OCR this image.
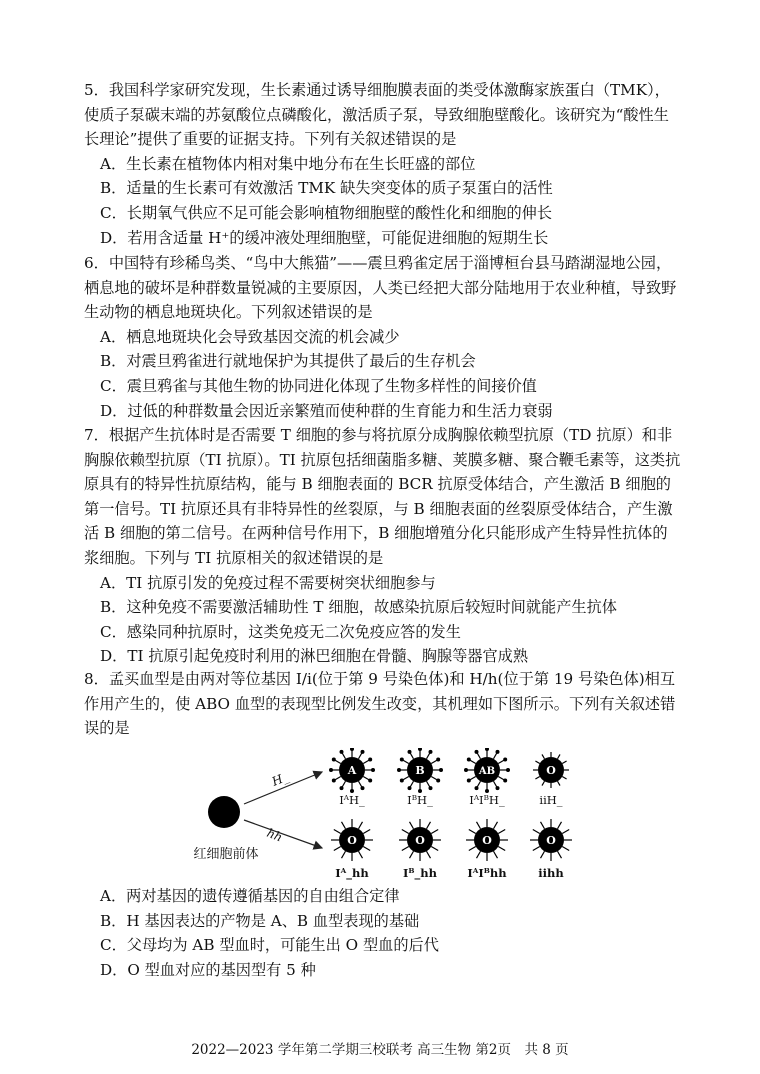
5．我国科学家研究发现，生长素通过诱导细胞膜表面的类受体激酶家族蛋白（TMK），使质子泵碳末端的苏氨酸位点磷酸化，激活质子泵，导致细胞壁酸化。该研究为“酸性生长理论”提供了重要的证据支持。下列有关叙述错误的是

A．生长素在植物体内相对集中地分布在生长旺盛的部位

B．适量的生长素可有效激活 TMK 缺失突变体的质子泵蛋白的活性

C．长期氧气供应不足可能会影响植物细胞壁的酸性化和细胞的伸长

D．若用含适量 H⁺的缓冲液处理细胞壁，可能促进细胞的短期生长

6．中国特有珍稀鸟类、“鸟中大熊猫”——震旦鸦雀定居于淄博桓台县马踏湖湿地公园，栖息地的破坏是种群数量锐减的主要原因，人类已经把大部分陆地用于农业种植，导致野生动物的栖息地斑块化。下列叙述错误的是

A．栖息地斑块化会导致基因交流的机会减少

B．对震旦鸦雀进行就地保护为其提供了最后的生存机会

C．震旦鸦雀与其他生物的协同进化体现了生物多样性的间接价值

D．过低的种群数量会因近亲繁殖而使种群的生育能力和生活力衰弱

7．根据产生抗体时是否需要 T 细胞的参与将抗原分成胸腺依赖型抗原（TD 抗原）和非胸腺依赖型抗原（TI 抗原）。TI 抗原包括细菌脂多糖、荚膜多糖、聚合鞭毛素等，这类抗原具有的特异性抗原结构，能与 B 细胞表面的 BCR 抗原受体结合，产生激活 B 细胞的第一信号。TI 抗原还具有非特异性的丝裂原，与 B 细胞表面的丝裂原受体结合，产生激活 B 细胞的第二信号。在两种信号作用下，B 细胞增殖分化只能形成产生特异性抗体的浆细胞。下列与 TI 抗原相关的叙述错误的是

A．TI 抗原引发的免疫过程不需要树突状细胞参与

B．这种免疫不需要激活辅助性 T 细胞，故感染抗原后较短时间就能产生抗体

C．感染同种抗原时，这类免疫无二次免疫应答的发生

D．TI 抗原引起免疫时利用的淋巴细胞在骨髓、胸腺等器官成熟

8．孟买血型是由两对等位基因 I/i(位于第 9 号染色体)和 H/h(位于第 19 号染色体)相互作用产生的，使 ABO 血型的表现型比例发生改变，其机理如下图所示。下列有关叙述错误的是

红细胞前体
H_
hh
A
IᴬH_
B
IᴮH_
AB
IᴬIᴮH_
O
iiH_
O
Iᴬ_hh
O
Iᴮ_hh
O
IᴬIᴮhh
O
iihh

A．两对基因的遗传遵循基因的自由组合定律

B．H 基因表达的产物是 A、B 血型表现的基础

C．父母均为 AB 型血时，可能生出 O 型血的后代

D．O 型血对应的基因型有 5 种

2022—2023 学年第二学期三校联考 高三生物 第2页　共 8 页
